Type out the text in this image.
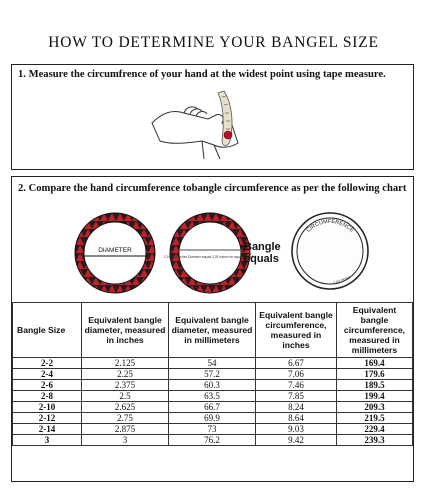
HOW TO DETERMINE YOUR BANGEL SIZE
1. Measure the circumfrence of your hand at the widest point using tape measure.
2. Compare the hand circumference tobangle circumference as per the following chart
DIAMETER
2 1/8 to 8 inches Diameter equals 2.25 Inches for square Size 2.4
CIRCUMFERENCE
2 1/4 inches
Bangle
equals
Bangle Size	Equivalent bangle diameter, measured in inches	Equivalent bangle diameter, measured in millimeters	Equivalent bangle circumference, measured in inches	Equivalent bangle circumference, measured in millimeters
2-2	2.125	54	6.67	169.4
2-4	2.25	57.2	7.06	179.6
2-6	2.375	60.3	7.46	189.5
2-8	2.5	63.5	7.85	199.4
2-10	2.625	66.7	8.24	209.3
2-12	2.75	69.9	8.64	219.5
2-14	2.875	73	9.03	229.4
3	3	76.2	9.42	239.3
